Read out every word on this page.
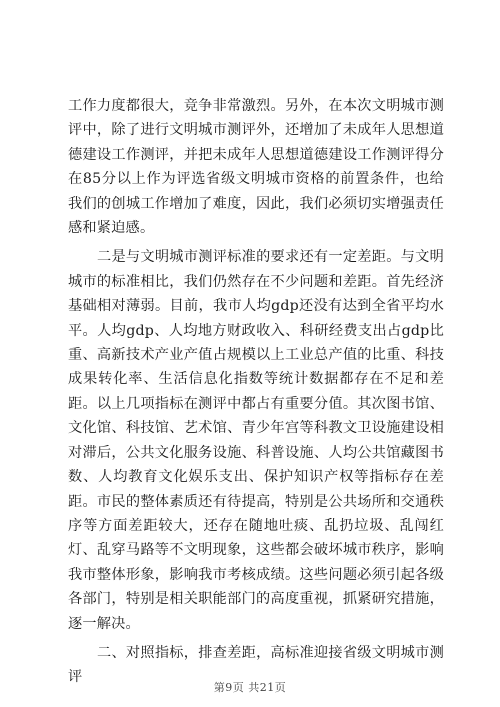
工作力度都很大，竞争非常激烈。另外，在本次文明城市测评中，除了进行文明城市测评外，还增加了未成年人思想道德建设工作测评，并把未成年人思想道德建设工作测评得分在85分以上作为评选省级文明城市资格的前置条件，也给我们的创城工作增加了难度，因此，我们必须切实增强责任感和紧迫感。

二是与文明城市测评标准的要求还有一定差距。与文明城市的标准相比，我们仍然存在不少问题和差距。首先经济基础相对薄弱。目前，我市人均gdp还没有达到全省平均水平。人均gdp、人均地方财政收入、科研经费支出占gdp比重、高新技术产业产值占规模以上工业总产值的比重、科技成果转化率、生活信息化指数等统计数据都存在不足和差距。以上几项指标在测评中都占有重要分值。其次图书馆、文化馆、科技馆、艺术馆、青少年宫等科教文卫设施建设相对滞后，公共文化服务设施、科普设施、人均公共馆藏图书数、人均教育文化娱乐支出、保护知识产权等指标存在差距。市民的整体素质还有待提高，特别是公共场所和交通秩序等方面差距较大，还存在随地吐痰、乱扔垃圾、乱闯红灯、乱穿马路等不文明现象，这些都会破坏城市秩序，影响我市整体形象，影响我市考核成绩。这些问题必须引起各级各部门，特别是相关职能部门的高度重视，抓紧研究措施，逐一解决。

二、对照指标，排查差距，高标准迎接省级文明城市测评

第9页 共21页
